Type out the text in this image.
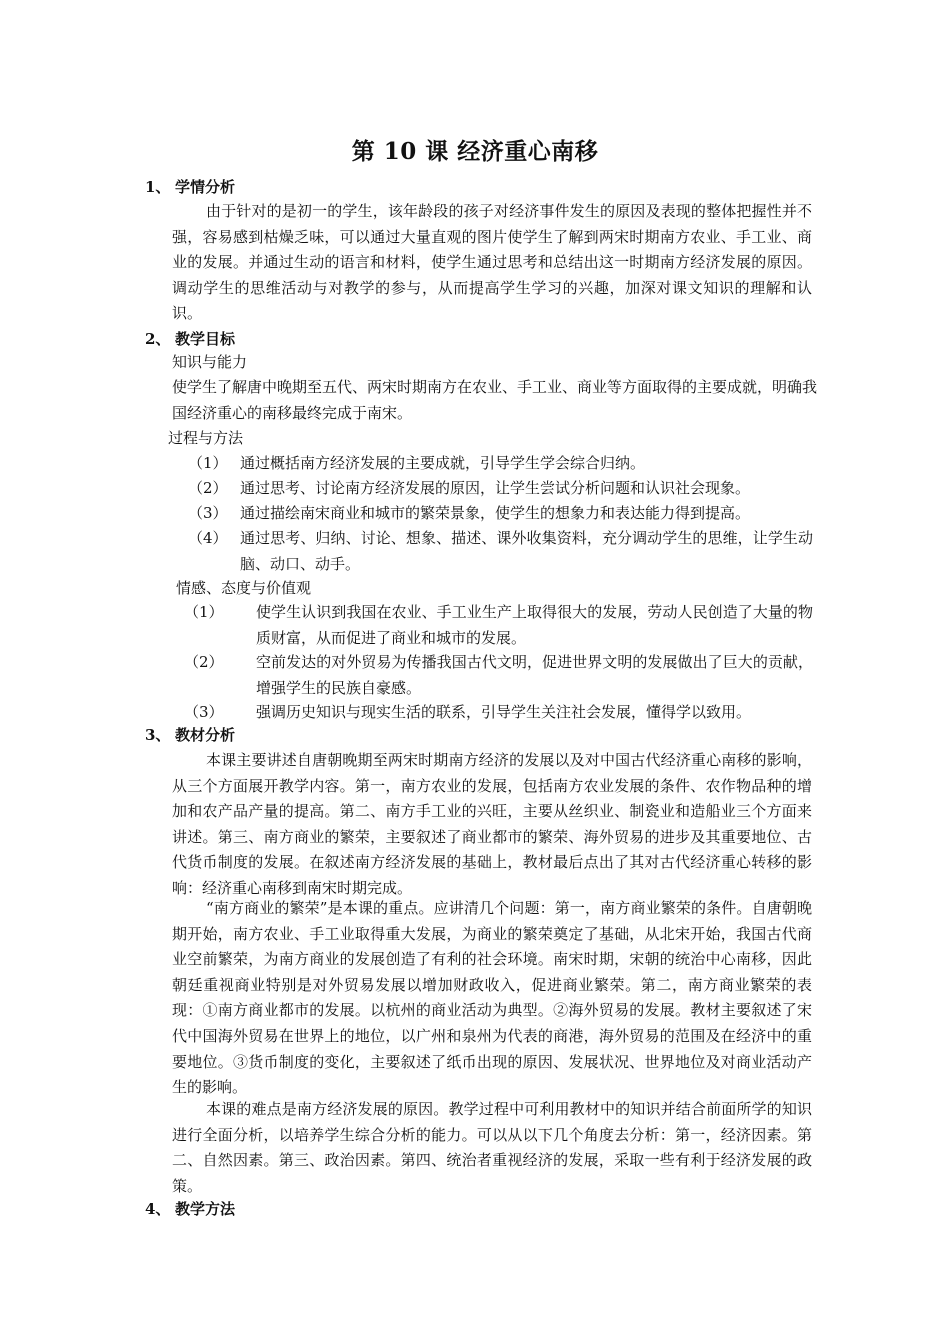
第 10 课 经济重心南移
1、 学情分析
由于针对的是初一的学生，该年龄段的孩子对经济事件发生的原因及表现的整体把握性并不强，容易感到枯燥乏味，可以通过大量直观的图片使学生了解到两宋时期南方农业、手工业、商业的发展。并通过生动的语言和材料，使学生通过思考和总结出这一时期南方经济发展的原因。调动学生的思维活动与对教学的参与，从而提高学生学习的兴趣，加深对课文知识的理解和认识。
2、 教学目标
知识与能力
使学生了解唐中晚期至五代、两宋时期南方在农业、手工业、商业等方面取得的主要成就，明确我国经济重心的南移最终完成于南宋。
过程与方法
（1） 通过概括南方经济发展的主要成就，引导学生学会综合归纳。
（2） 通过思考、讨论南方经济发展的原因，让学生尝试分析问题和认识社会现象。
（3） 通过描绘南宋商业和城市的繁荣景象，使学生的想象力和表达能力得到提高。
（4） 通过思考、归纳、讨论、想象、描述、课外收集资料，充分调动学生的思维，让学生动脑、动口、动手。
情感、态度与价值观
（1） 使学生认识到我国在农业、手工业生产上取得很大的发展，劳动人民创造了大量的物质财富，从而促进了商业和城市的发展。
（2） 空前发达的对外贸易为传播我国古代文明，促进世界文明的发展做出了巨大的贡献，增强学生的民族自豪感。
（3） 强调历史知识与现实生活的联系，引导学生关注社会发展，懂得学以致用。
3、 教材分析
本课主要讲述自唐朝晚期至两宋时期南方经济的发展以及对中国古代经济重心南移的影响，从三个方面展开教学内容。第一，南方农业的发展，包括南方农业发展的条件、农作物品种的增加和农产品产量的提高。第二、南方手工业的兴旺，主要从丝织业、制瓷业和造船业三个方面来讲述。第三、南方商业的繁荣，主要叙述了商业都市的繁荣、海外贸易的进步及其重要地位、古代货币制度的发展。在叙述南方经济发展的基础上，教材最后点出了其对古代经济重心转移的影响：经济重心南移到南宋时期完成。
“南方商业的繁荣”是本课的重点。应讲清几个问题：第一，南方商业繁荣的条件。自唐朝晚期开始，南方农业、手工业取得重大发展，为商业的繁荣奠定了基础，从北宋开始，我国古代商业空前繁荣，为南方商业的发展创造了有利的社会环境。南宋时期，宋朝的统治中心南移，因此朝廷重视商业特别是对外贸易发展以增加财政收入，促进商业繁荣。第二，南方商业繁荣的表现：①南方商业都市的发展。以杭州的商业活动为典型。②海外贸易的发展。教材主要叙述了宋代中国海外贸易在世界上的地位，以广州和泉州为代表的商港，海外贸易的范围及在经济中的重要地位。③货币制度的变化，主要叙述了纸币出现的原因、发展状况、世界地位及对商业活动产生的影响。
本课的难点是南方经济发展的原因。教学过程中可利用教材中的知识并结合前面所学的知识进行全面分析，以培养学生综合分析的能力。可以从以下几个角度去分析：第一，经济因素。第二、自然因素。第三、政治因素。第四、统治者重视经济的发展，采取一些有利于经济发展的政策。
4、 教学方法
